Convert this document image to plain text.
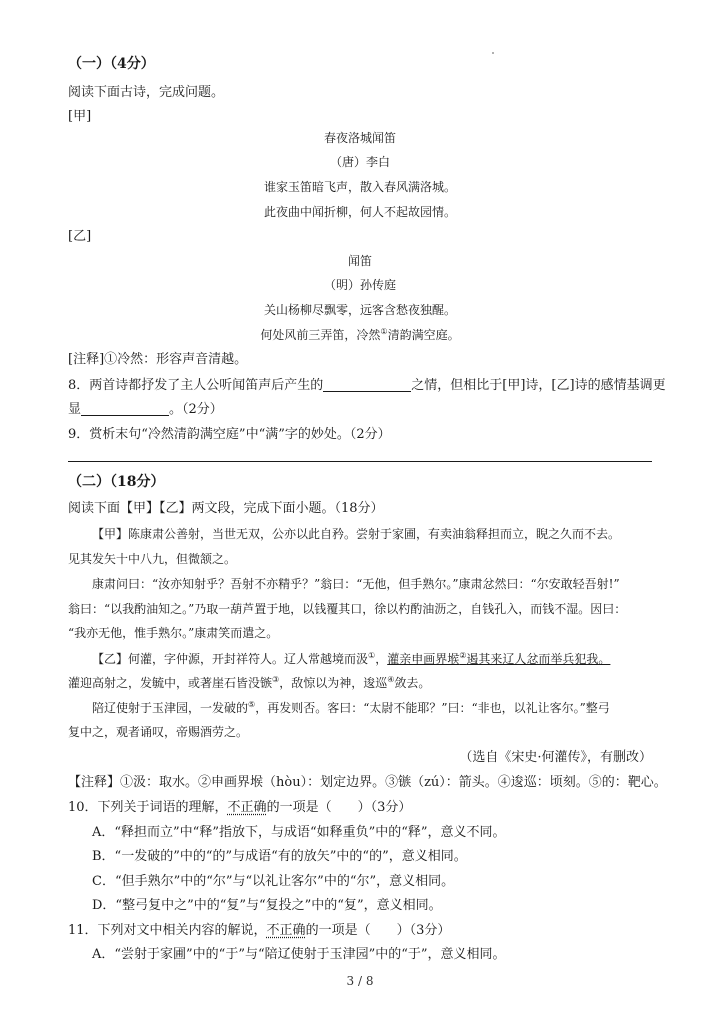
（一）（4分）
阅读下面古诗，完成问题。
[甲]
春夜洛城闻笛
（唐）李白
谁家玉笛暗飞声，散入春风满洛城。
此夜曲中闻折柳，何人不起故园情。
[乙]
闻笛
（明）孙传庭
关山杨柳尽飘零，远客含愁夜独醒。
何处风前三弄笛，冷然①清韵满空庭。
[注释]①冷然：形容声音清越。
8．两首诗都抒发了主人公听闻笛声后产生的	之情，但相比于[甲]诗，[乙]诗的感情基调更
显	。（2分）
9．赏析末句“冷然清韵满空庭”中“满”字的妙处。（2分）
（二）（18分）
阅读下面【甲】【乙】两文段，完成下面小题。（18分）
【甲】陈康肃公善射，当世无双，公亦以此自矜。尝射于家圃，有卖油翁释担而立，睨之久而不去。
见其发矢十中八九，但微颔之。
康肃问曰：“汝亦知射乎？吾射不亦精乎？”翁曰：“无他，但手熟尔。”康肃忿然曰：“尔安敢轻吾射!”
翁曰：“以我酌油知之。”乃取一葫芦置于地，以钱覆其口，徐以杓酌油沥之，自钱孔入，而钱不湿。因曰：
“我亦无他，惟手熟尔。”康肃笑而遣之。
【乙】何灌，字仲源，开封祥符人。辽人常越境而汲①，灌亲申画界堠②遏其来辽人忿而举兵犯我。
灌迎高射之，发毓中，或著崖石皆没镞③，敌惊以为神，逡巡④敛去。
陪辽使射于玉津园，一发破的⑤，再发则否。客曰：“太尉不能耶？”曰：“非也，以礼让客尔。”整弓
复中之，观者诵叹，帝赐酒劳之。
（选自《宋史·何灌传》，有删改）
【注释】①汲：取水。②申画界堠（hòu）：划定边界。③镞（zú）：箭头。④逡巡：顷刻。⑤的：靶心。
10．下列关于词语的理解，不正确的一项是（　　）（3分）
A．“释担而立”中“释”指放下，与成语“如释重负”中的“释”，意义不同。
B．“一发破的”中的“的”与成语“有的放矢”中的“的”，意义相同。
C．“但手熟尔”中的“尔”与“以礼让客尔”中的“尔”，意义相同。
D．“整弓复中之”中的“复”与“复投之”中的“复”，意义相同。
11．下列对文中相关内容的解说，不正确的一项是（　　）（3分）
A．“尝射于家圃”中的“于”与“陪辽使射于玉津园”中的“于”，意义相同。
3 / 8
